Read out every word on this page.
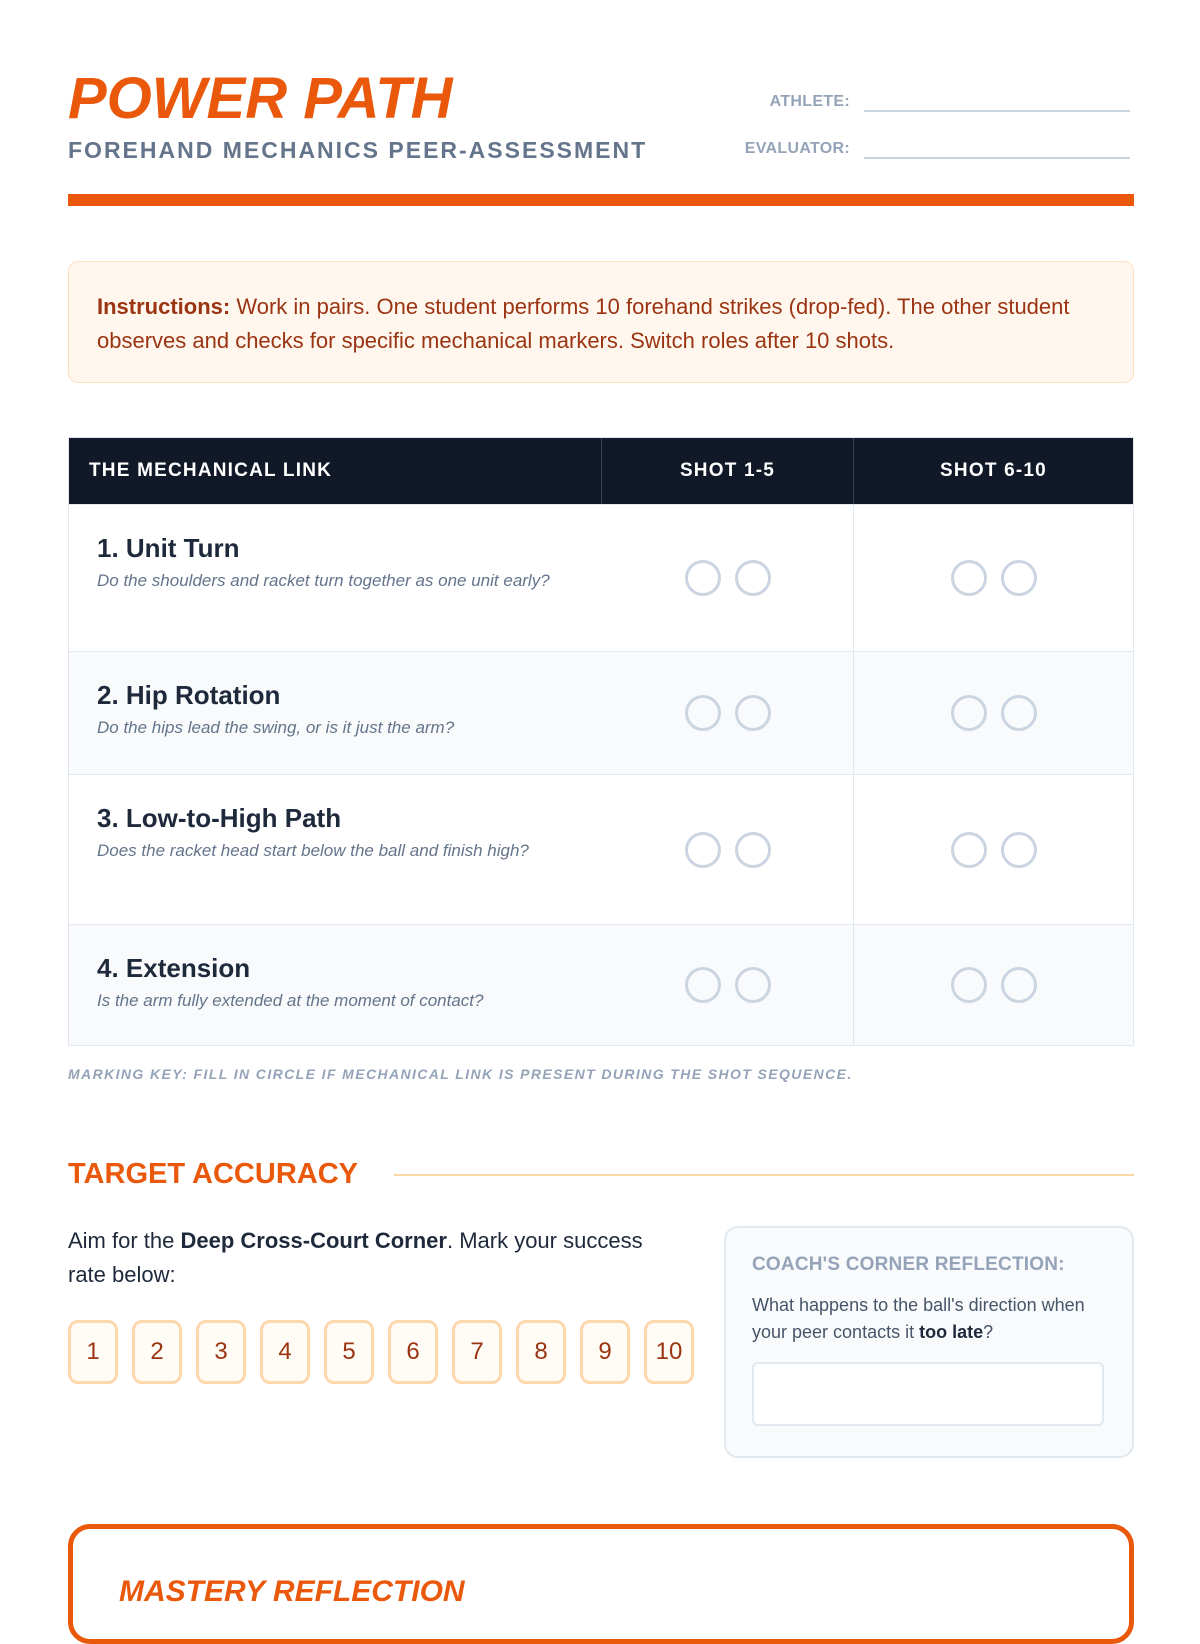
POWER PATH
FOREHAND MECHANICS PEER-ASSESSMENT
ATHLETE:
EVALUATOR:
Instructions: Work in pairs. One student performs 10 forehand strikes (drop-fed). The other student observes and checks for specific mechanical markers. Switch roles after 10 shots.
THE MECHANICAL LINK	SHOT 1-5	SHOT 6-10
1. Unit Turn
Do the shoulders and racket turn together as one unit early?
2. Hip Rotation
Do the hips lead the swing, or is it just the arm?
3. Low-to-High Path
Does the racket head start below the ball and finish high?
4. Extension
Is the arm fully extended at the moment of contact?
MARKING KEY: FILL IN CIRCLE IF MECHANICAL LINK IS PRESENT DURING THE SHOT SEQUENCE.
TARGET ACCURACY
Aim for the Deep Cross-Court Corner. Mark your success rate below:
1	2	3	4	5	6	7	8	9	10
COACH'S CORNER REFLECTION:
What happens to the ball's direction when your peer contacts it too late?
MASTERY REFLECTION
